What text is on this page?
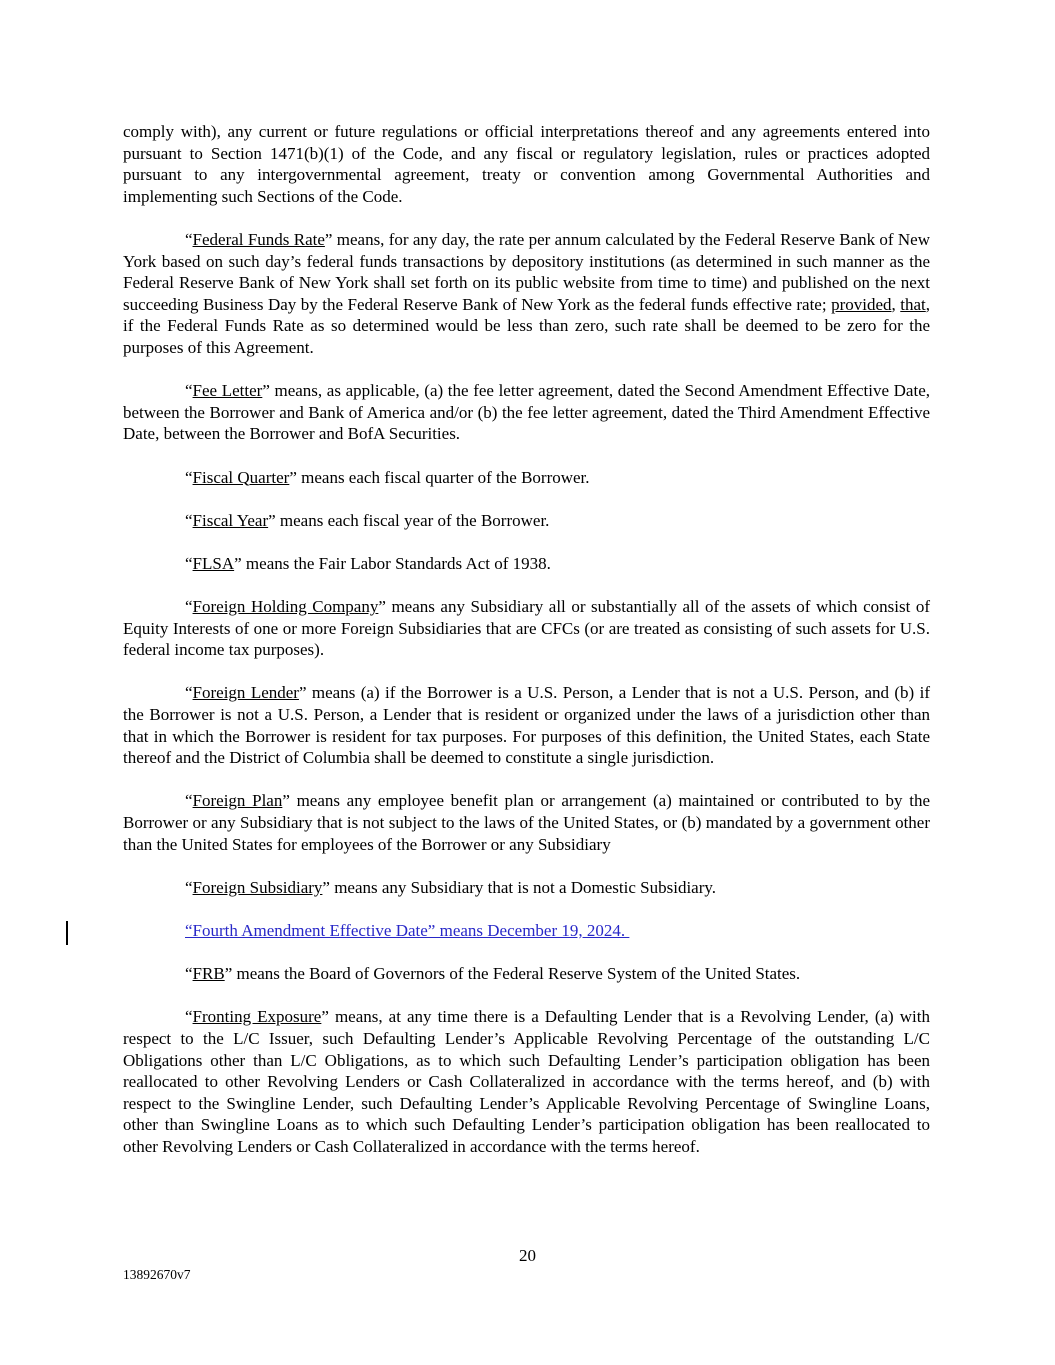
comply with), any current or future regulations or official interpretations thereof and any agreements entered into pursuant to Section 1471(b)(1) of the Code, and any fiscal or regulatory legislation, rules or practices adopted pursuant to any intergovernmental agreement, treaty or convention among Governmental Authorities and implementing such Sections of the Code.

“Federal Funds Rate” means, for any day, the rate per annum calculated by the Federal Reserve Bank of New York based on such day’s federal funds transactions by depository institutions (as determined in such manner as the Federal Reserve Bank of New York shall set forth on its public website from time to time) and published on the next succeeding Business Day by the Federal Reserve Bank of New York as the federal funds effective rate; provided, that, if the Federal Funds Rate as so determined would be less than zero, such rate shall be deemed to be zero for the purposes of this Agreement.

“Fee Letter” means, as applicable, (a) the fee letter agreement, dated the Second Amendment Effective Date, between the Borrower and Bank of America and/or (b) the fee letter agreement, dated the Third Amendment Effective Date, between the Borrower and BofA Securities.

“Fiscal Quarter” means each fiscal quarter of the Borrower.

“Fiscal Year” means each fiscal year of the Borrower.

“FLSA” means the Fair Labor Standards Act of 1938.

“Foreign Holding Company” means any Subsidiary all or substantially all of the assets of which consist of Equity Interests of one or more Foreign Subsidiaries that are CFCs (or are treated as consisting of such assets for U.S. federal income tax purposes).

“Foreign Lender” means (a) if the Borrower is a U.S. Person, a Lender that is not a U.S. Person, and (b) if the Borrower is not a U.S. Person, a Lender that is resident or organized under the laws of a jurisdiction other than that in which the Borrower is resident for tax purposes. For purposes of this definition, the United States, each State thereof and the District of Columbia shall be deemed to constitute a single jurisdiction.

“Foreign Plan” means any employee benefit plan or arrangement (a) maintained or contributed to by the Borrower or any Subsidiary that is not subject to the laws of the United States, or (b) mandated by a government other than the United States for employees of the Borrower or any Subsidiary

“Foreign Subsidiary” means any Subsidiary that is not a Domestic Subsidiary.

“Fourth Amendment Effective Date” means December 19, 2024.

“FRB” means the Board of Governors of the Federal Reserve System of the United States.

“Fronting Exposure” means, at any time there is a Defaulting Lender that is a Revolving Lender, (a) with respect to the L/C Issuer, such Defaulting Lender’s Applicable Revolving Percentage of the outstanding L/C Obligations other than L/C Obligations, as to which such Defaulting Lender’s participation obligation has been reallocated to other Revolving Lenders or Cash Collateralized in accordance with the terms hereof, and (b) with respect to the Swingline Lender, such Defaulting Lender’s Applicable Revolving Percentage of Swingline Loans, other than Swingline Loans as to which such Defaulting Lender’s participation obligation has been reallocated to other Revolving Lenders or Cash Collateralized in accordance with the terms hereof.

20
13892670v7
